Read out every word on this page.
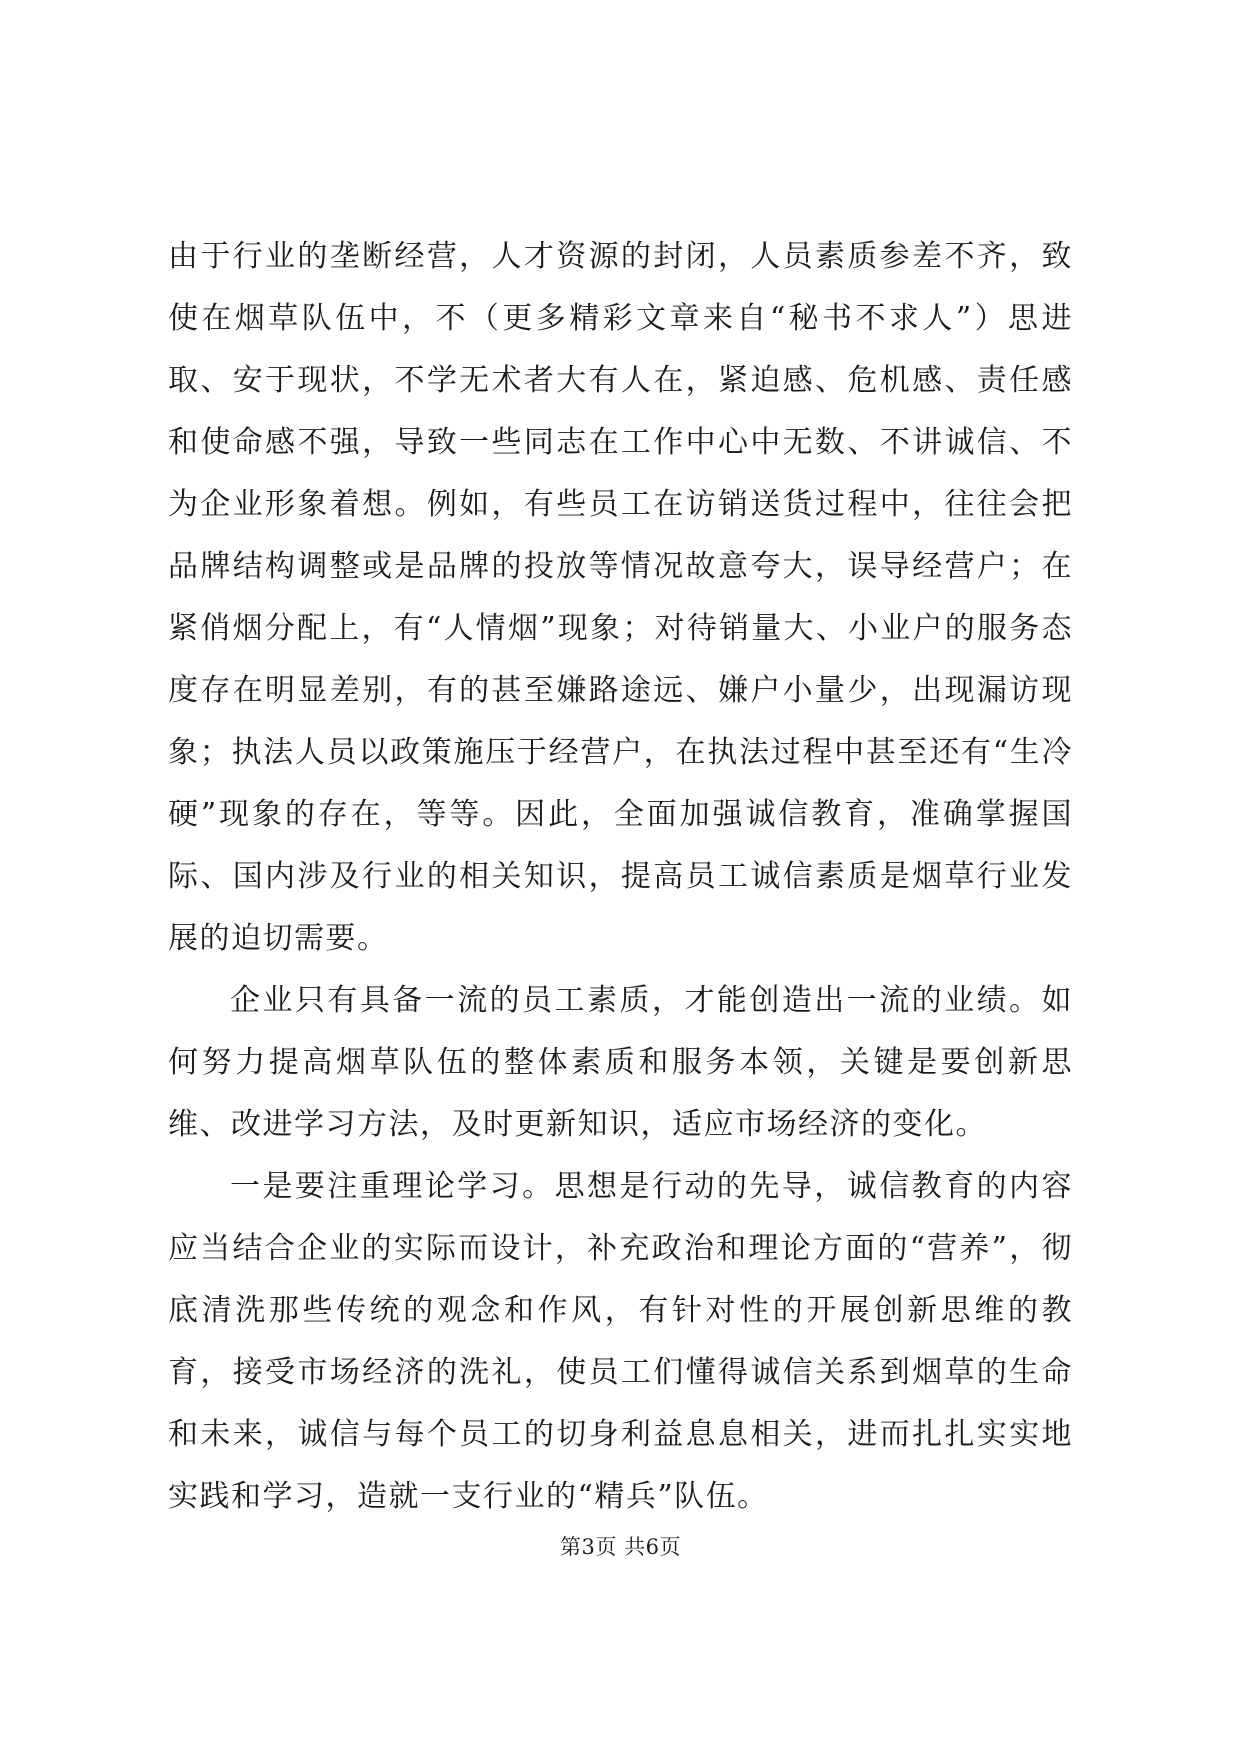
由于行业的垄断经营，人才资源的封闭，人员素质参差不齐，致使在烟草队伍中，不（更多精彩文章来自“秘书不求人”）思进取、安于现状，不学无术者大有人在，紧迫感、危机感、责任感和使命感不强，导致一些同志在工作中心中无数、不讲诚信、不为企业形象着想。例如，有些员工在访销送货过程中，往往会把品牌结构调整或是品牌的投放等情况故意夸大，误导经营户；在紧俏烟分配上，有“人情烟”现象；对待销量大、小业户的服务态度存在明显差别，有的甚至嫌路途远、嫌户小量少，出现漏访现象；执法人员以政策施压于经营户，在执法过程中甚至还有“生冷硬”现象的存在，等等。因此，全面加强诚信教育，准确掌握国际、国内涉及行业的相关知识，提高员工诚信素质是烟草行业发展的迫切需要。

企业只有具备一流的员工素质，才能创造出一流的业绩。如何努力提高烟草队伍的整体素质和服务本领，关键是要创新思维、改进学习方法，及时更新知识，适应市场经济的变化。

一是要注重理论学习。思想是行动的先导，诚信教育的内容应当结合企业的实际而设计，补充政治和理论方面的“营养”，彻底清洗那些传统的观念和作风，有针对性的开展创新思维的教育，接受市场经济的洗礼，使员工们懂得诚信关系到烟草的生命和未来，诚信与每个员工的切身利益息息相关，进而扎扎实实地实践和学习，造就一支行业的“精兵”队伍。

第3页 共6页
